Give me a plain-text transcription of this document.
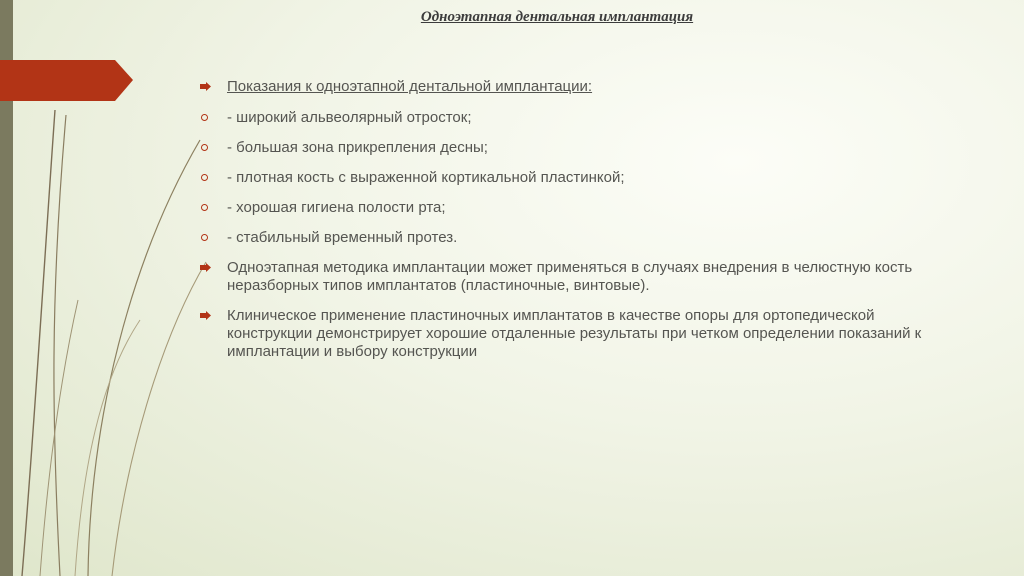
Одноэтапная дентальная имплантация
Показания к одноэтапной дентальной имплантации:
- широкий альвеолярный отросток;
- большая зона прикрепления десны;
- плотная кость с выраженной кортикальной пластинкой;
- хорошая гигиена полости рта;
- стабильный временный протез.
Одноэтапная методика имплантации может применяться в случаях внедрения в челюстную кость неразборных типов имплантатов (пластиночные, винтовые).
Клиническое применение пластиночных имплантатов в качестве опоры для ортопедической конструкции демонстрирует хорошие отдаленные результаты при четком определении показаний к имплантации и выбору конструкции
